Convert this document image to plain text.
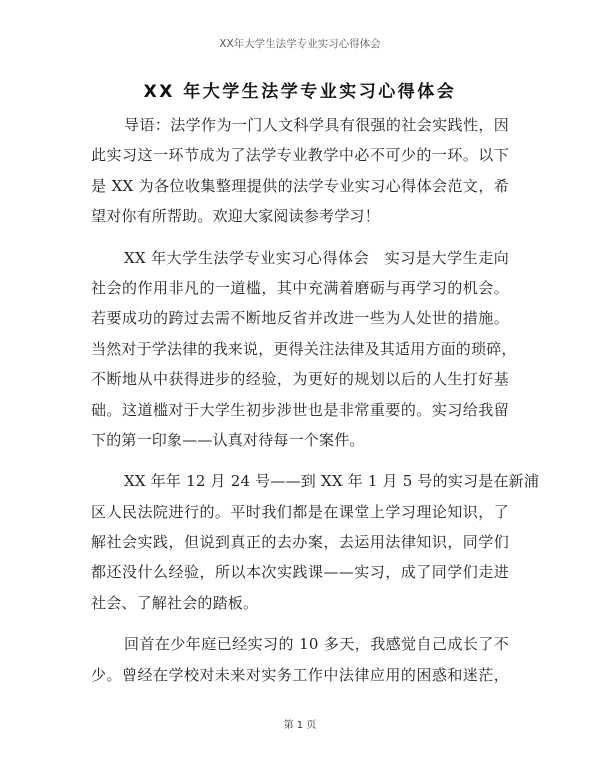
XX年大学生法学专业实习心得体会
XX 年大学生法学专业实习心得体会
导语：法学作为一门人文科学具有很强的社会实践性，因
此实习这一环节成为了法学专业教学中必不可少的一环。以下
是 XX 为各位收集整理提供的法学专业实习心得体会范文，希
望对你有所帮助。欢迎大家阅读参考学习！
XX 年大学生法学专业实习心得体会　实习是大学生走向
社会的作用非凡的一道槛，其中充满着磨砺与再学习的机会。
若要成功的跨过去需不断地反省并改进一些为人处世的措施。
当然对于学法律的我来说，更得关注法律及其适用方面的琐碎，
不断地从中获得进步的经验，为更好的规划以后的人生打好基
础。这道槛对于大学生初步涉世也是非常重要的。实习给我留
下的第一印象——认真对待每一个案件。
XX 年年 12 月 24 号——到 XX 年 1 月 5 号的实习是在新浦
区人民法院进行的。平时我们都是在课堂上学习理论知识，了
解社会实践，但说到真正的去办案，去运用法律知识，同学们
都还没什么经验，所以本次实践课——实习，成了同学们走进
社会、了解社会的踏板。
回首在少年庭已经实习的 10 多天，我感觉自己成长了不
少。曾经在学校对未来对实务工作中法律应用的困惑和迷茫，
第 1 页
